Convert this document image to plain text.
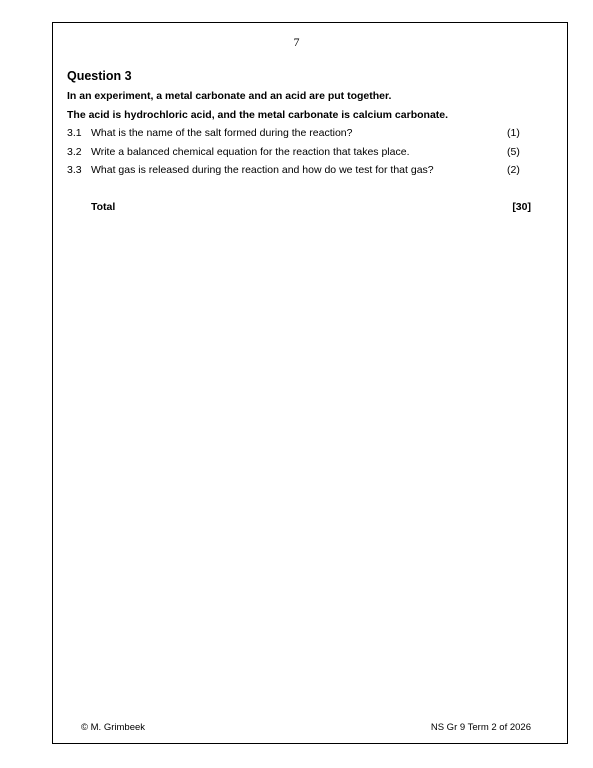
7
Question 3
In an experiment, a metal carbonate and an acid are put together.
The acid is hydrochloric acid, and the metal carbonate is calcium carbonate.
3.1 What is the name of the salt formed during the reaction?	(1)
3.2 Write a balanced chemical equation for the reaction that takes place.	(5)
3.3 What gas is released during the reaction and how do we test for that gas?	(2)
Total	[30]
© M. Grimbeek	NS Gr 9 Term 2 of 2026
